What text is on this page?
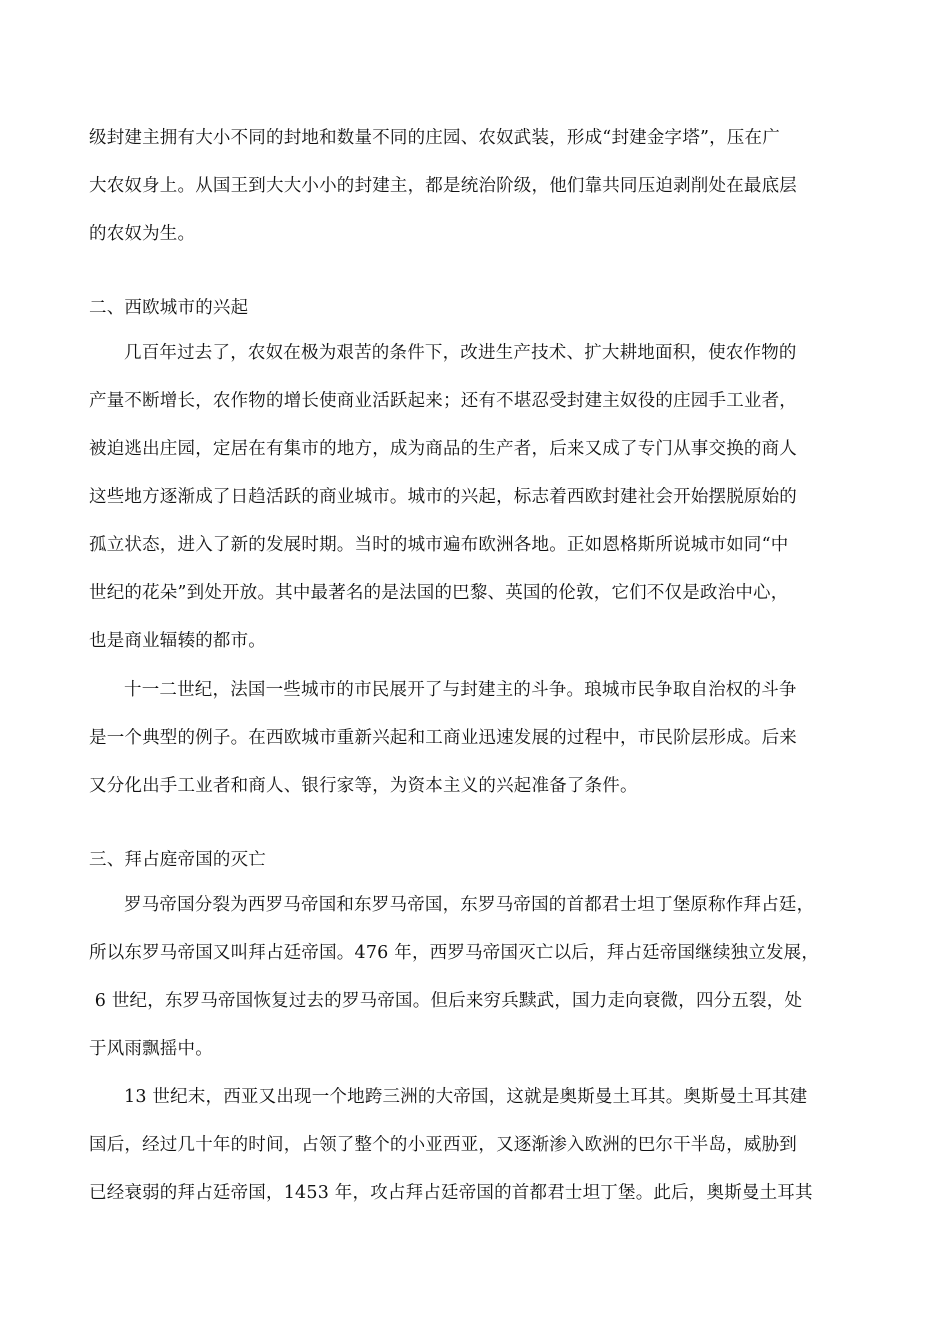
级封建主拥有大小不同的封地和数量不同的庄园、农奴武装，形成“封建金字塔”，压在广
大农奴身上。从国王到大大小小的封建主，都是统治阶级，他们靠共同压迫剥削处在最底层
的农奴为生。
二、西欧城市的兴起
几百年过去了，农奴在极为艰苦的条件下，改进生产技术、扩大耕地面积，使农作物的
产量不断增长，农作物的增长使商业活跃起来；还有不堪忍受封建主奴役的庄园手工业者，
被迫逃出庄园，定居在有集市的地方，成为商品的生产者，后来又成了专门从事交换的商人
这些地方逐渐成了日趋活跃的商业城市。城市的兴起，标志着西欧封建社会开始摆脱原始的
孤立状态，进入了新的发展时期。当时的城市遍布欧洲各地。正如恩格斯所说城市如同“中
世纪的花朵”到处开放。其中最著名的是法国的巴黎、英国的伦敦，它们不仅是政治中心，
也是商业辐辏的都市。
十一二世纪，法国一些城市的市民展开了与封建主的斗争。琅城市民争取自治权的斗争
是一个典型的例子。在西欧城市重新兴起和工商业迅速发展的过程中，市民阶层形成。后来
又分化出手工业者和商人、银行家等，为资本主义的兴起准备了条件。
三、拜占庭帝国的灭亡
罗马帝国分裂为西罗马帝国和东罗马帝国，东罗马帝国的首都君士坦丁堡原称作拜占廷，
所以东罗马帝国又叫拜占廷帝国。476 年，西罗马帝国灭亡以后，拜占廷帝国继续独立发展，
6 世纪，东罗马帝国恢复过去的罗马帝国。但后来穷兵黩武，国力走向衰微，四分五裂，处
于风雨飘摇中。
13 世纪末，西亚又出现一个地跨三洲的大帝国，这就是奥斯曼土耳其。奥斯曼土耳其建
国后，经过几十年的时间，占领了整个的小亚西亚，又逐渐渗入欧洲的巴尔干半岛，威胁到
已经衰弱的拜占廷帝国，1453 年，攻占拜占廷帝国的首都君士坦丁堡。此后，奥斯曼土耳其
